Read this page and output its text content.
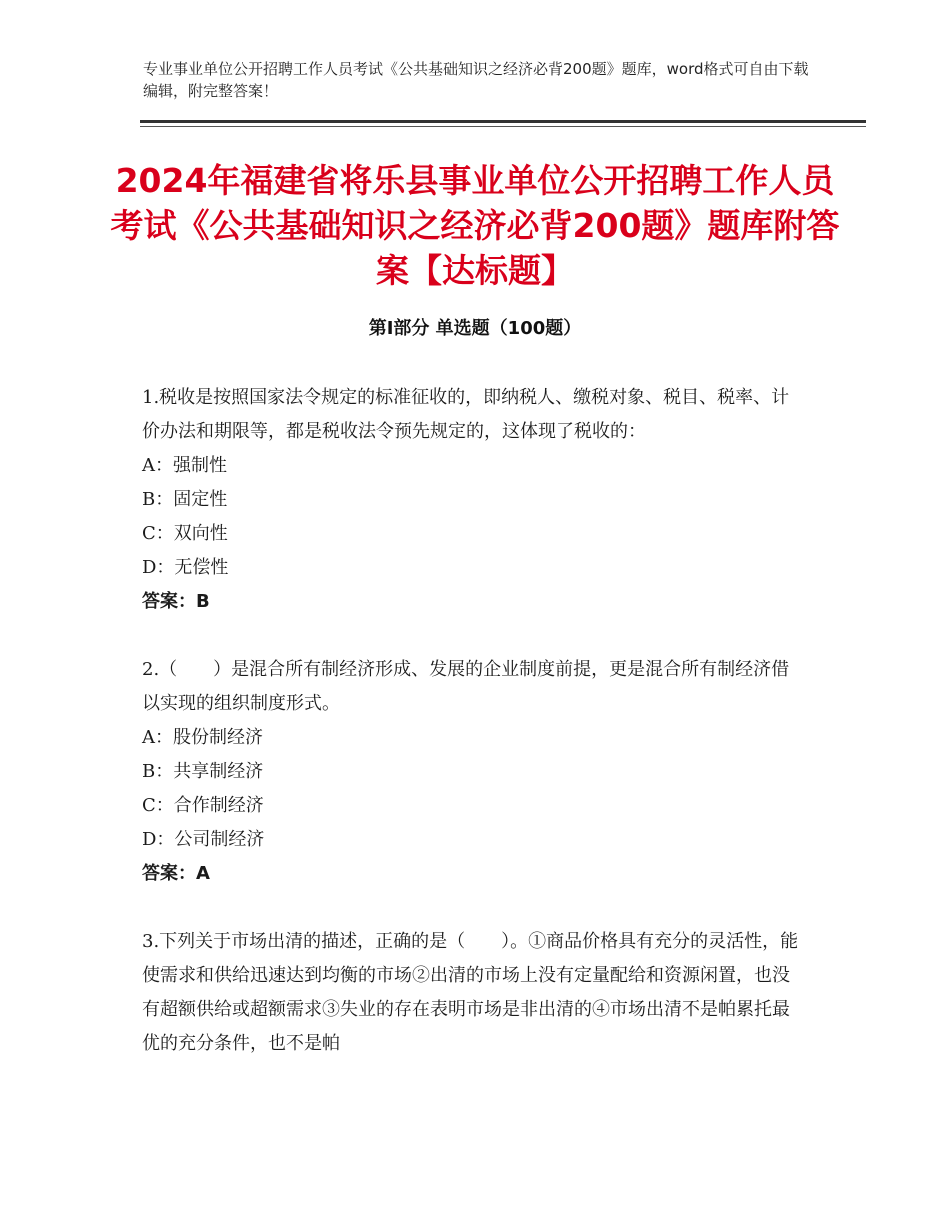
专业事业单位公开招聘工作人员考试《公共基础知识之经济必背200题》题库，word格式可自由下载编辑，附完整答案！
2024年福建省将乐县事业单位公开招聘工作人员考试《公共基础知识之经济必背200题》题库附答案【达标题】
第Ⅰ部分 单选题（100题）

1.税收是按照国家法令规定的标准征收的，即纳税人、缴税对象、税目、税率、计价办法和期限等，都是税收法令预先规定的，这体现了税收的：

A：强制性

B：固定性

C：双向性

D：无偿性

答案：B

2.（　　）是混合所有制经济形成、发展的企业制度前提，更是混合所有制经济借以实现的组织制度形式。

A：股份制经济

B：共享制经济

C：合作制经济

D：公司制经济

答案：A

3.下列关于市场出清的描述，正确的是（　　）。①商品价格具有充分的灵活性，能使需求和供给迅速达到均衡的市场②出清的市场上没有定量配给和资源闲置，也没有超额供给或超额需求③失业的存在表明市场是非出清的④市场出清不是帕累托最优的充分条件，也不是帕
